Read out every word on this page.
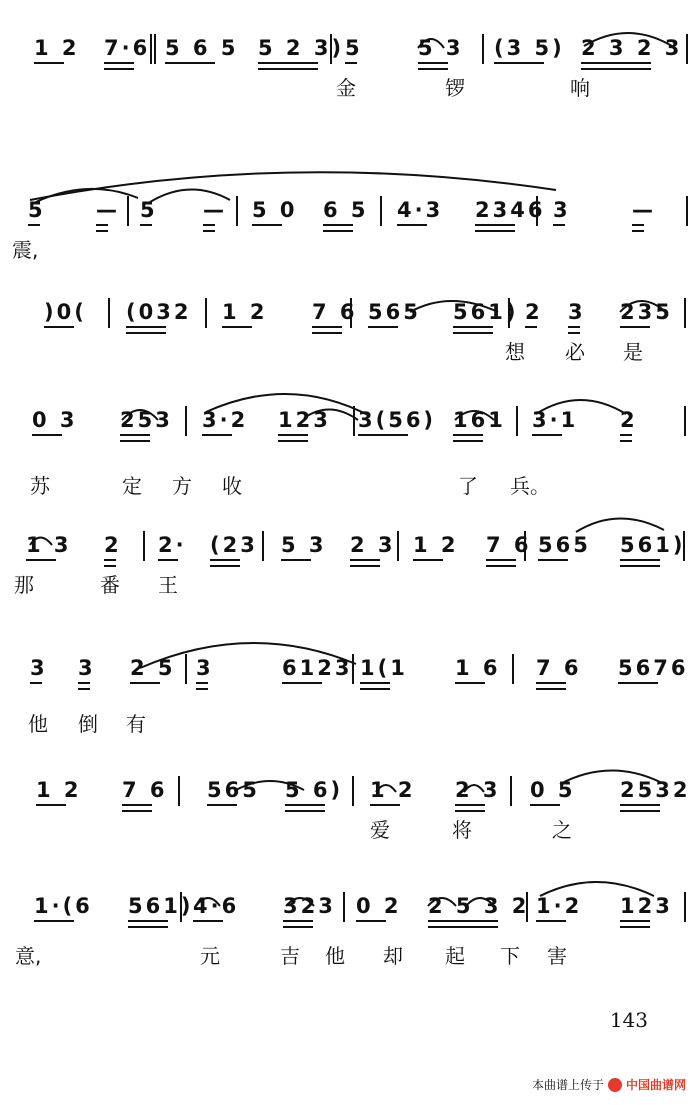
1 2 7·6 5 6 5 5 2 3) 5	5 3 (3 5) 2 3 2 3
金	锣	响
5 — 5 — 5 0 6 5 4·3 2346 3	—
震,
)0( (032 1 2 7 6 565 561) 2 3 235
想 必 是
0 3 253 3·2 123 3(56) 161 3·1 2
苏	定 方 收	了 兵。
1 3 2 2· (23 5 3 2 3 1 2 7 6 565 561)
那	番 王
3 3 2 5 3	6123 1(1 1 6 7 6 5676
他 倒 有
1 2 7 6 565 5 6) 1 2 2 3 0 5 2532
爱	将	之
1·(6 561) 4·6 323 0 2 2 5 3 2 1·2 123
意,	元	吉 他 却 起 下 害
143
本曲谱上传于 中国曲谱网
